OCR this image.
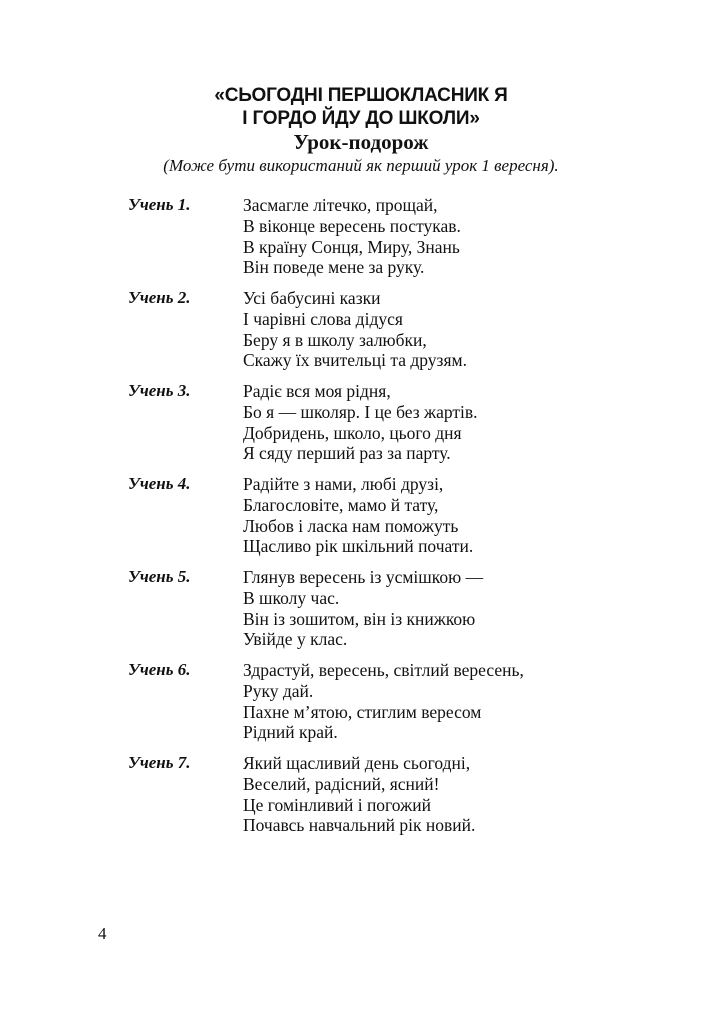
«СЬОГОДНІ ПЕРШОКЛАСНИК Я
І ГОРДО ЙДУ ДО ШКОЛИ»
Урок-подорож
(Може бути використаний як перший урок 1 вересня).
Учень 1.	Засмагле літечко, прощай,
В віконце вересень постукав.
В країну Сонця, Миру, Знань
Він поведе мене за руку.
Учень 2.	Усі бабусині казки
І чарівні слова дідуся
Беру я в школу залюбки,
Скажу їх вчительці та друзям.
Учень 3.	Радіє вся моя рідня,
Бо я — школяр. І це без жартів.
Добридень, школо, цього дня
Я сяду перший раз за парту.
Учень 4.	Радійте з нами, любі друзі,
Благословіте, мамо й тату,
Любов і ласка нам поможуть
Щасливо рік шкільний почати.
Учень 5.	Глянув вересень із усмішкою —
В школу час.
Він із зошитом, він із книжкою
Увійде у клас.
Учень 6.	Здрастуй, вересень, світлий вересень,
Руку дай.
Пахне м’ятою, стиглим вересом
Рідний край.
Учень 7.	Який щасливий день сьогодні,
Веселий, радісний, ясний!
Це гомінливий і погожий
Почавсь навчальний рік новий.
4
